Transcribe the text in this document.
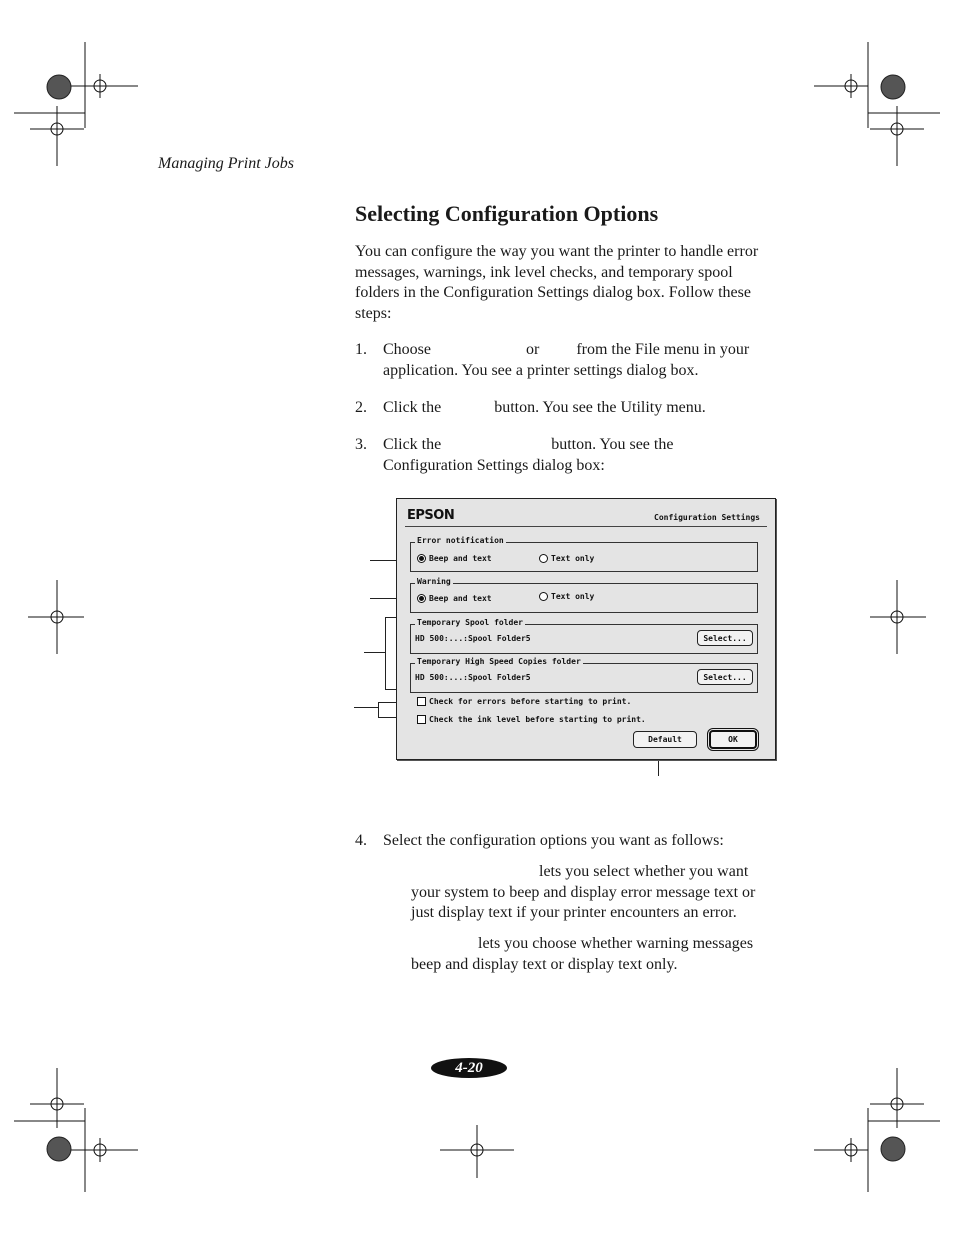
Managing Print Jobs
Selecting Configuration Options
You can configure the way you want the printer to handle error messages, warnings, ink level checks, and temporary spool folders in the Configuration Settings dialog box. Follow these steps:
1. Choose	or from the File menu in your application. You see a printer settings dialog box.
2. Click the	button. You see the Utility menu.
3. Click the	button. You see the Configuration Settings dialog box:
EPSON	Configuration Settings
Error notification
Beep and text	Text only
Warning
Beep and text	Text only
Temporary Spool folder
HD 500:...:Spool Folder5	Select...
Temporary High Speed Copies folder
HD 500:...:Spool Folder5	Select...
Check for errors before starting to print.
Check the ink level before starting to print.
Default	OK
4. Select the configuration options you want as follows:
lets you select whether you want
your system to beep and display error message text or
just display text if your printer encounters an error.
lets you choose whether warning messages
beep and display text or display text only.
4-20
